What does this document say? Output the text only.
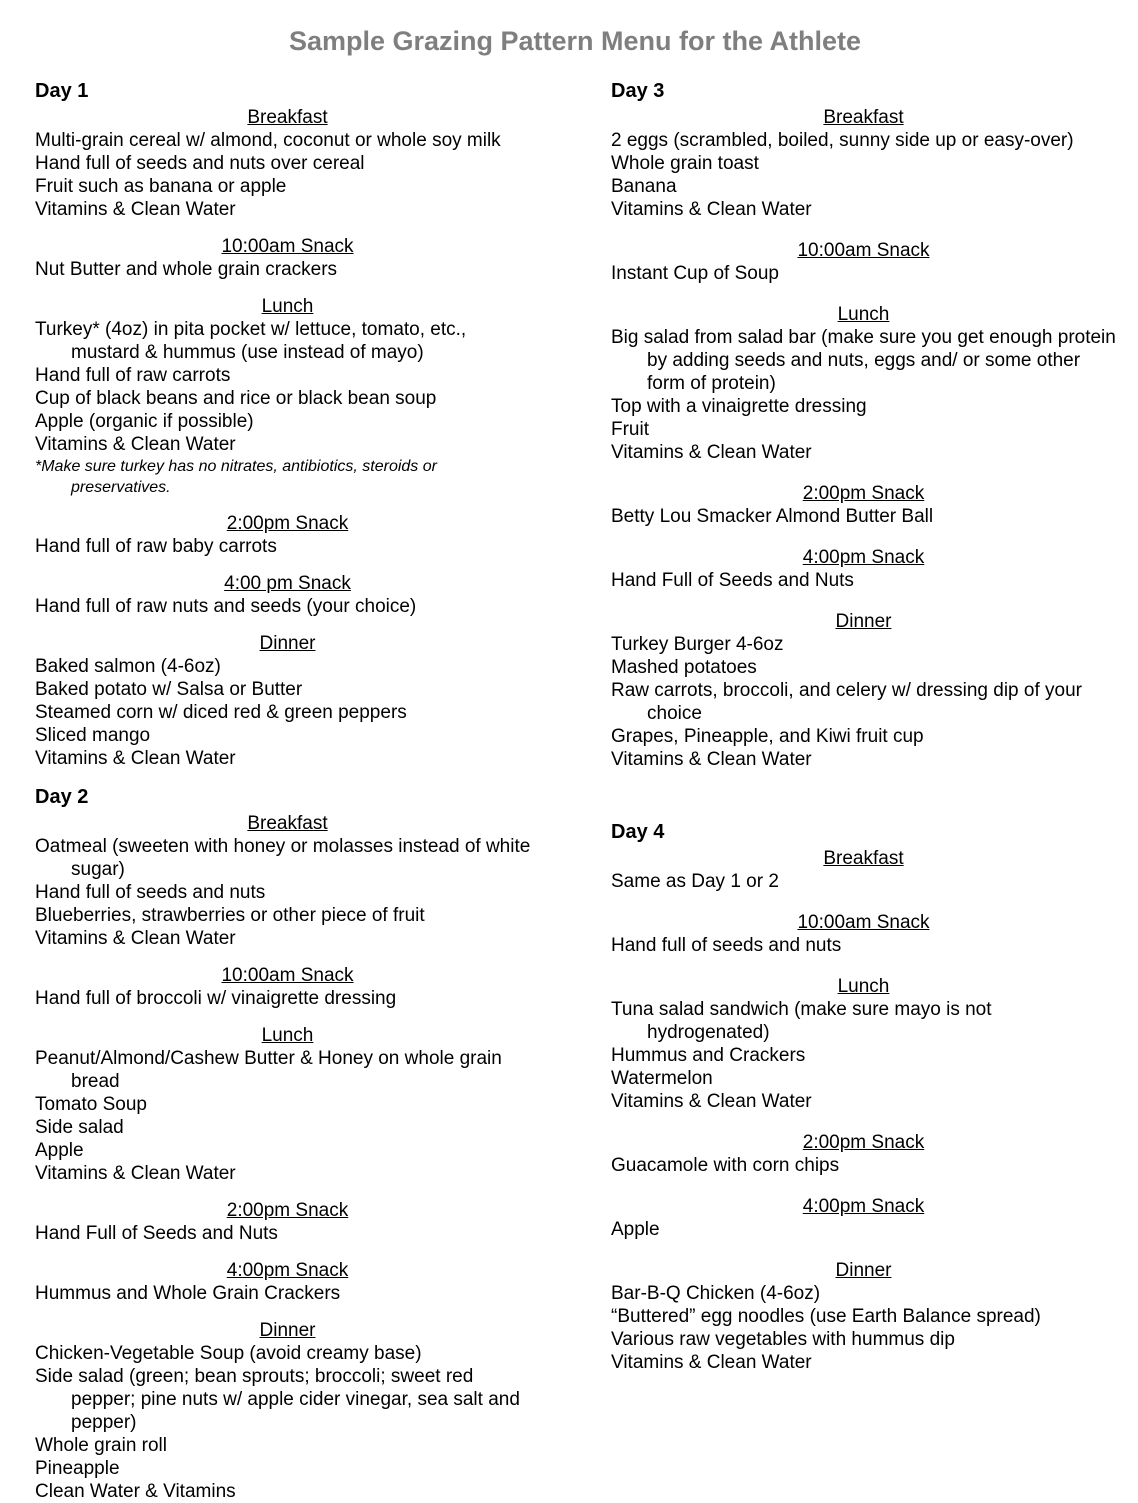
Sample Grazing Pattern Menu for the Athlete
Day 1
Breakfast
Multi-grain cereal w/ almond, coconut or whole soy milk
Hand full of seeds and nuts over cereal
Fruit such as banana or apple
Vitamins & Clean Water
10:00am Snack
Nut Butter and whole grain crackers
Lunch
Turkey* (4oz) in pita pocket w/ lettuce, tomato, etc., mustard & hummus (use instead of mayo)
Hand full of raw carrots
Cup of black beans and rice or black bean soup
Apple (organic if possible)
Vitamins & Clean Water
*Make sure turkey has no nitrates, antibiotics, steroids or preservatives.
2:00pm Snack
Hand full of raw baby carrots
4:00 pm Snack
Hand full of raw nuts and seeds (your choice)
Dinner
Baked salmon (4-6oz)
Baked potato w/ Salsa or Butter
Steamed corn w/ diced red & green peppers
Sliced mango
Vitamins & Clean Water
Day 2
Breakfast
Oatmeal (sweeten with honey or molasses instead of white sugar)
Hand full of seeds and nuts
Blueberries, strawberries or other piece of fruit
Vitamins & Clean Water
10:00am Snack
Hand full of broccoli w/ vinaigrette dressing
Lunch
Peanut/Almond/Cashew Butter & Honey on whole grain bread
Tomato Soup
Side salad
Apple
Vitamins & Clean Water
2:00pm Snack
Hand Full of Seeds and Nuts
4:00pm Snack
Hummus and Whole Grain Crackers
Dinner
Chicken-Vegetable Soup (avoid creamy base)
Side salad (green; bean sprouts; broccoli; sweet red pepper; pine nuts w/ apple cider vinegar, sea salt and pepper)
Whole grain roll
Pineapple
Clean Water & Vitamins
Day 3
Breakfast
2 eggs (scrambled, boiled, sunny side up or easy-over)
Whole grain toast
Banana
Vitamins & Clean Water
10:00am Snack
Instant Cup of Soup
Lunch
Big salad from salad bar (make sure you get enough protein by adding seeds and nuts, eggs and/ or some other form of protein)
Top with a vinaigrette dressing
Fruit
Vitamins & Clean Water
2:00pm Snack
Betty Lou Smacker Almond Butter Ball
4:00pm Snack
Hand Full of Seeds and Nuts
Dinner
Turkey Burger 4-6oz
Mashed potatoes
Raw carrots, broccoli, and celery w/ dressing dip of your choice
Grapes, Pineapple, and Kiwi fruit cup
Vitamins & Clean Water
Day 4
Breakfast
Same as Day 1 or 2
10:00am Snack
Hand full of seeds and nuts
Lunch
Tuna salad sandwich (make sure mayo is not hydrogenated)
Hummus and Crackers
Watermelon
Vitamins & Clean Water
2:00pm Snack
Guacamole with corn chips
4:00pm Snack
Apple
Dinner
Bar-B-Q Chicken (4-6oz)
“Buttered” egg noodles (use Earth Balance spread)
Various raw vegetables with hummus dip
Vitamins & Clean Water
